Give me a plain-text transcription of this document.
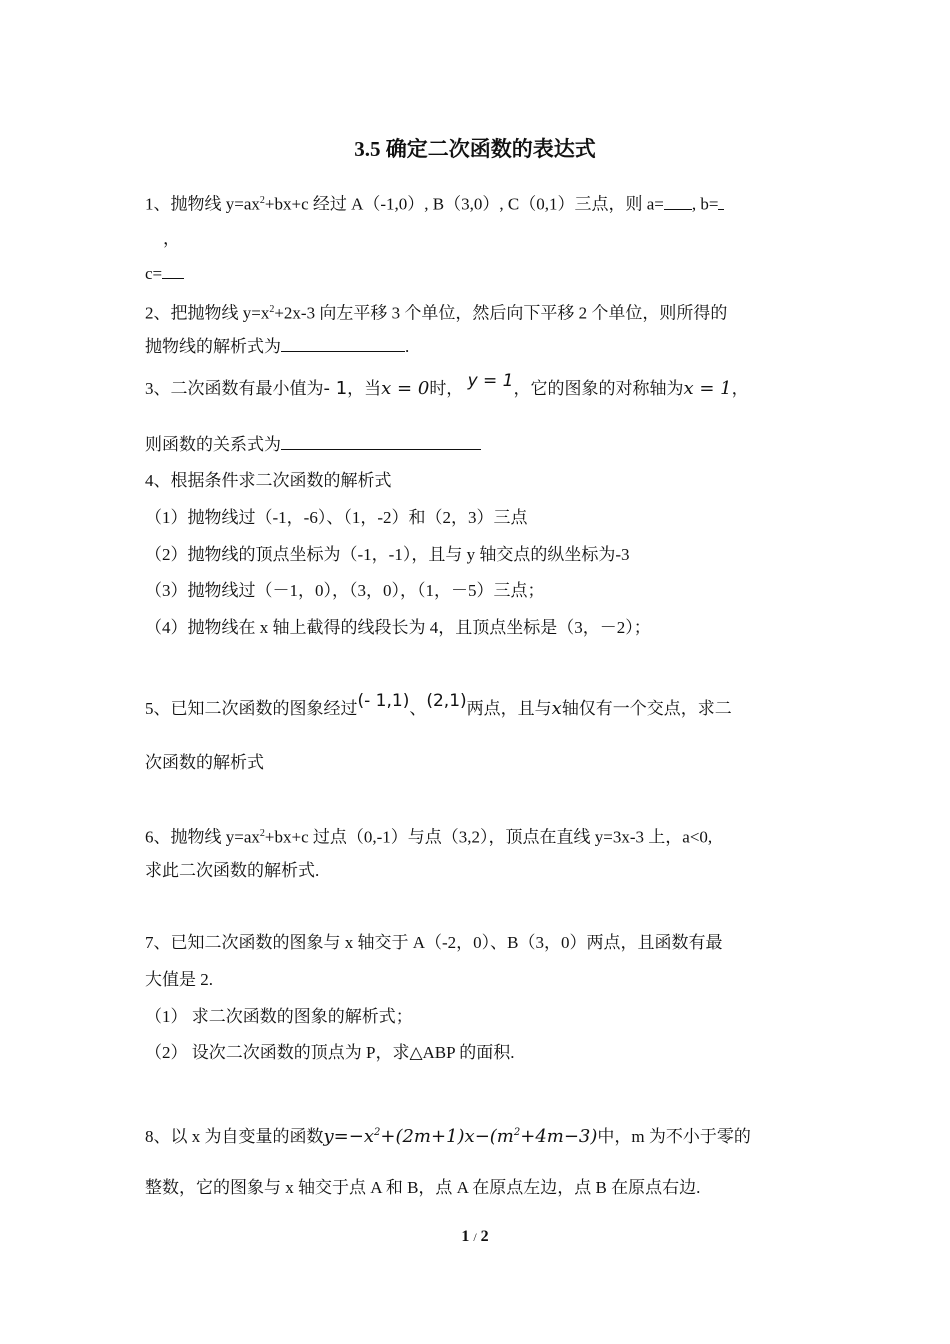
3.5 确定二次函数的表达式
1、抛物线 $y=ax^2+bx+c$ 经过 A（-1,0）, B（3,0）, C（0,1）三点，则 a= , b=
，
c=
2、把抛物线 $y=x^2+2x-3$ 向左平移 3 个单位，然后向下平移 2 个单位，则所得的
抛物线的解析式为	.
3、二次函数有最小值为- 1，当x = 0时， y = 1，它的图象的对称轴为x = 1，
则函数的关系式为
4、根据条件求二次函数的解析式
（1）抛物线过（-1，-6）、（1，-2）和（2，3）三点
（2）抛物线的顶点坐标为（-1，-1），且与 y 轴交点的纵坐标为-3
（3）抛物线过（－1，0），（3，0），（1，－5）三点；
（4）抛物线在 x 轴上截得的线段长为 4，且顶点坐标是（3，－2）；
5、已知二次函数的图象经过(- 1,1)、(2,1)两点，且与x轴仅有一个交点，求二
次函数的解析式
6、抛物线 $y=ax^2+bx+c$ 过点（0,-1）与点（3,2），顶点在直线 y=3x-3 上，a<0,
求此二次函数的解析式.
7、已知二次函数的图象与 x 轴交于 A（-2，0）、B（3，0）两点，且函数有最
大值是 2.
（1） 求二次函数的图象的解析式；
（2） 设次二次函数的顶点为 P，求△ABP 的面积.
8、以 x 为自变量的函数$y=-x^2+(2m+1)x-(m^2+4m-3)$中，m 为不小于零的
整数，它的图象与 x 轴交于点 A 和 B，点 A 在原点左边，点 B 在原点右边.
1 / 2
